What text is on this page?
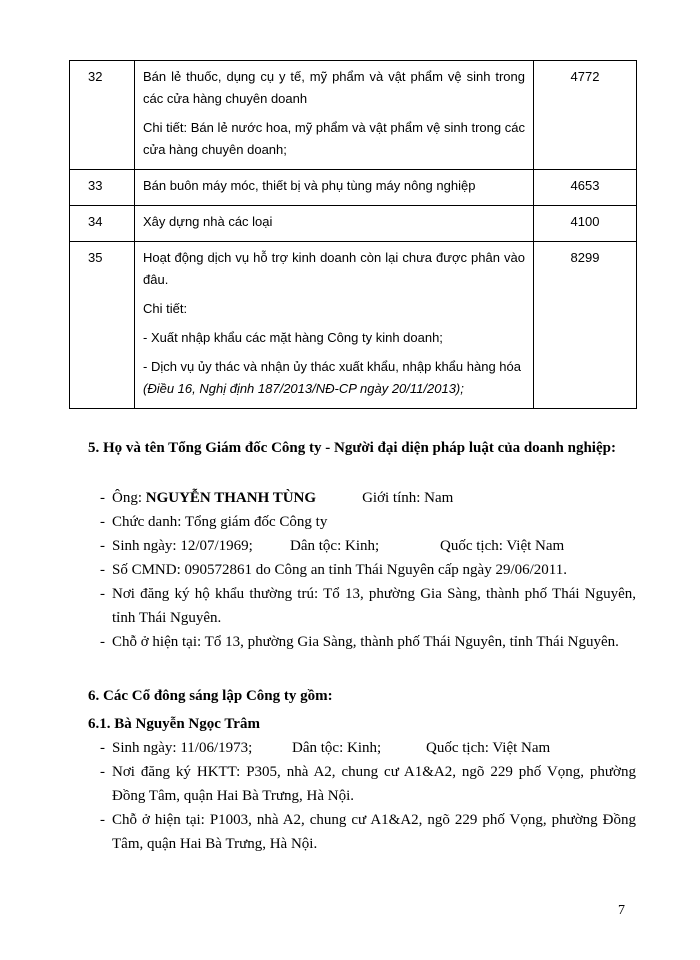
32	Bán lẻ thuốc, dụng cụ y tế, mỹ phẩm và vật phẩm vệ sinh trong các cửa hàng chuyên doanh

Chi tiết: Bán lẻ nước hoa, mỹ phẩm và vật phẩm vệ sinh trong các cửa hàng chuyên doanh;	4772
33	Bán buôn máy móc, thiết bị và phụ tùng máy nông nghiệp	4653
34	Xây dựng nhà các loại	4100
35	Hoạt động dịch vụ hỗ trợ kinh doanh còn lại chưa được phân vào đâu.

Chi tiết:

- Xuất nhập khẩu các mặt hàng Công ty kinh doanh;

- Dịch vụ ủy thác và nhận ủy thác xuất khẩu, nhập khẩu hàng hóa

(Điều 16, Nghị định 187/2013/NĐ-CP ngày 20/11/2013);	8299
5. Họ và tên Tổng Giám đốc Công ty - Người đại diện pháp luật của doanh nghiệp:
- Ông: NGUYỄN THANH TÙNG	Giới tính: Nam
- Chức danh: Tổng giám đốc Công ty
- Sinh ngày: 12/07/1969; Dân tộc: Kinh;	Quốc tịch: Việt Nam
- Số CMND: 090572861 do Công an tỉnh Thái Nguyên cấp ngày 29/06/2011.
- Nơi đăng ký hộ khẩu thường trú: Tổ 13, phường Gia Sàng, thành phố Thái Nguyên, tỉnh Thái Nguyên.
- Chỗ ở hiện tại: Tổ 13, phường Gia Sàng, thành phố Thái Nguyên, tỉnh Thái Nguyên.
6. Các Cổ đông sáng lập Công ty gồm:
6.1. Bà Nguyễn Ngọc Trâm
- Sinh ngày: 11/06/1973;	Dân tộc: Kinh;	Quốc tịch: Việt Nam
- Nơi đăng ký HKTT: P305, nhà A2, chung cư A1&A2, ngõ 229 phố Vọng, phường Đồng Tâm, quận Hai Bà Trưng, Hà Nội.
- Chỗ ở hiện tại: P1003, nhà A2, chung cư A1&A2, ngõ 229 phố Vọng, phường Đồng Tâm, quận Hai Bà Trưng, Hà Nội.
7
